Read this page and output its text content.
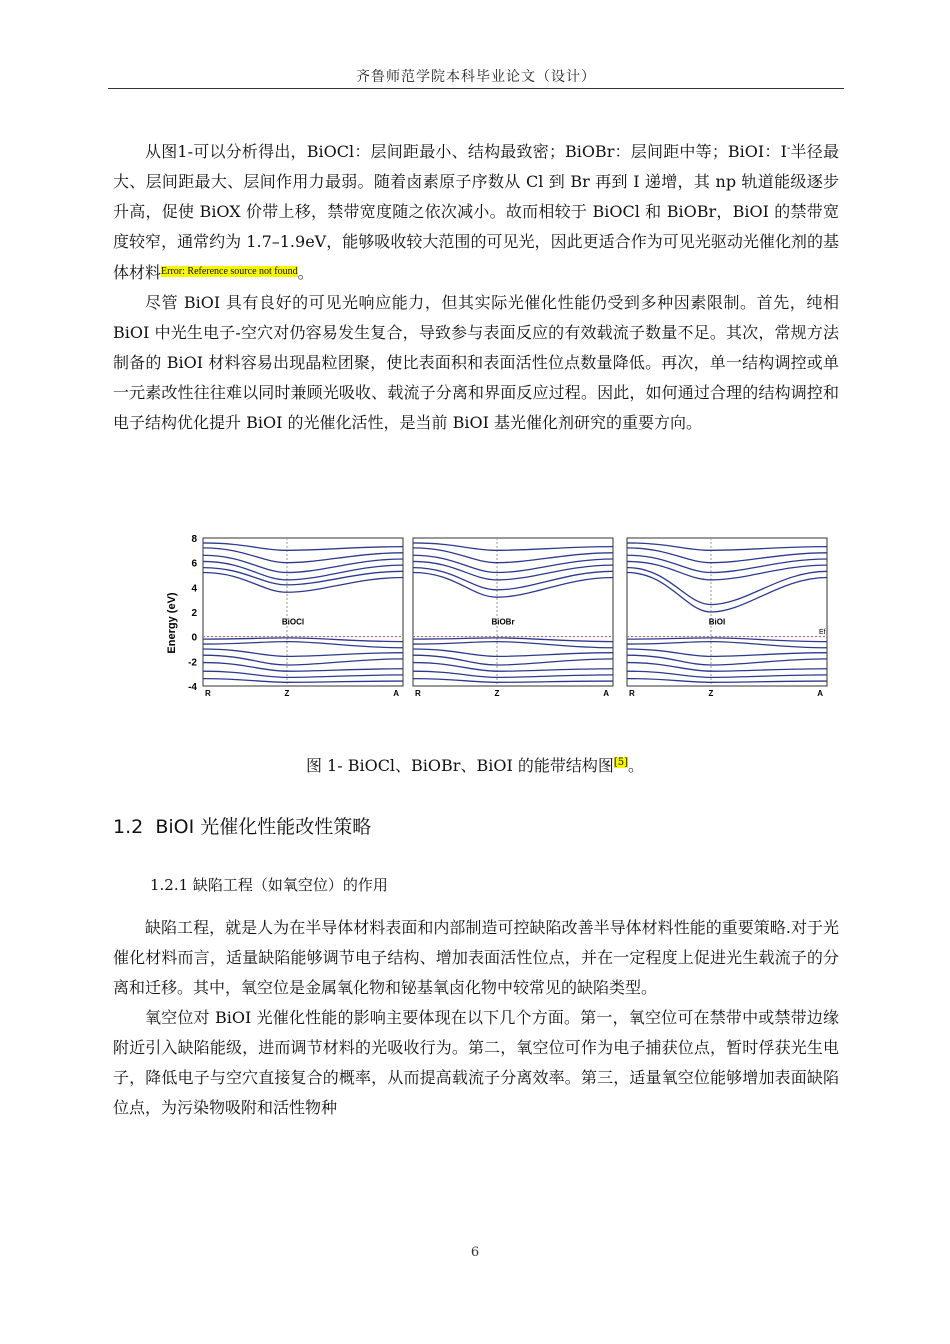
齐鲁师范学院本科毕业论文（设计）

从图1-可以分析得出，BiOCl：层间距最小、结构最致密；BiOBr：层间距中等；BiOI：I-半径最大、层间距最大、层间作用力最弱。随着卤素原子序数从 Cl 到 Br 再到 I 递增，其 np 轨道能级逐步升高，促使 BiOX 价带上移，禁带宽度随之依次减小。故而相较于 BiOCl 和 BiOBr，BiOI 的禁带宽度较窄，通常约为 1.7–1.9eV，能够吸收较大范围的可见光，因此更适合作为可见光驱动光催化剂的基体材料$^{Error: Reference source not found}$。

尽管 BiOI 具有良好的可见光响应能力，但其实际光催化性能仍受到多种因素限制。首先，纯相 BiOI 中光生电子-空穴对仍容易发生复合，导致参与表面反应的有效载流子数量不足。其次，常规方法制备的 BiOI 材料容易出现晶粒团聚，使比表面积和表面活性位点数量降低。再次，单一结构调控或单一元素改性往往难以同时兼顾光吸收、载流子分离和界面反应过程。因此，如何通过合理的结构调控和电子结构优化提升 BiOI 的光催化活性，是当前 BiOI 基光催化剂研究的重要方向。

Energy (eV)
8
6
4
2
0
-2
-4
BiOCl
R	Z	A
BiOBr
R	Z	A
BiOI
Ef
R	Z	A
图 1- BiOCl、BiOBr、BiOI 的能带结构图[5]。
1.2 BiOI 光催化性能改性策略
1.2.1 缺陷工程（如氧空位）的作用

缺陷工程，就是人为在半导体材料表面和内部制造可控缺陷改善半导体材料性能的重要策略.对于光催化材料而言，适量缺陷能够调节电子结构、增加表面活性位点，并在一定程度上促进光生载流子的分离和迁移。其中，氧空位是金属氧化物和铋基氧卤化物中较常见的缺陷类型。

氧空位对 BiOI 光催化性能的影响主要体现在以下几个方面。第一，氧空位可在禁带中或禁带边缘附近引入缺陷能级，进而调节材料的光吸收行为。第二，氧空位可作为电子捕获位点，暂时俘获光生电子，降低电子与空穴直接复合的概率，从而提高载流子分离效率。第三，适量氧空位能够增加表面缺陷位点，为污染物吸附和活性物种

6
